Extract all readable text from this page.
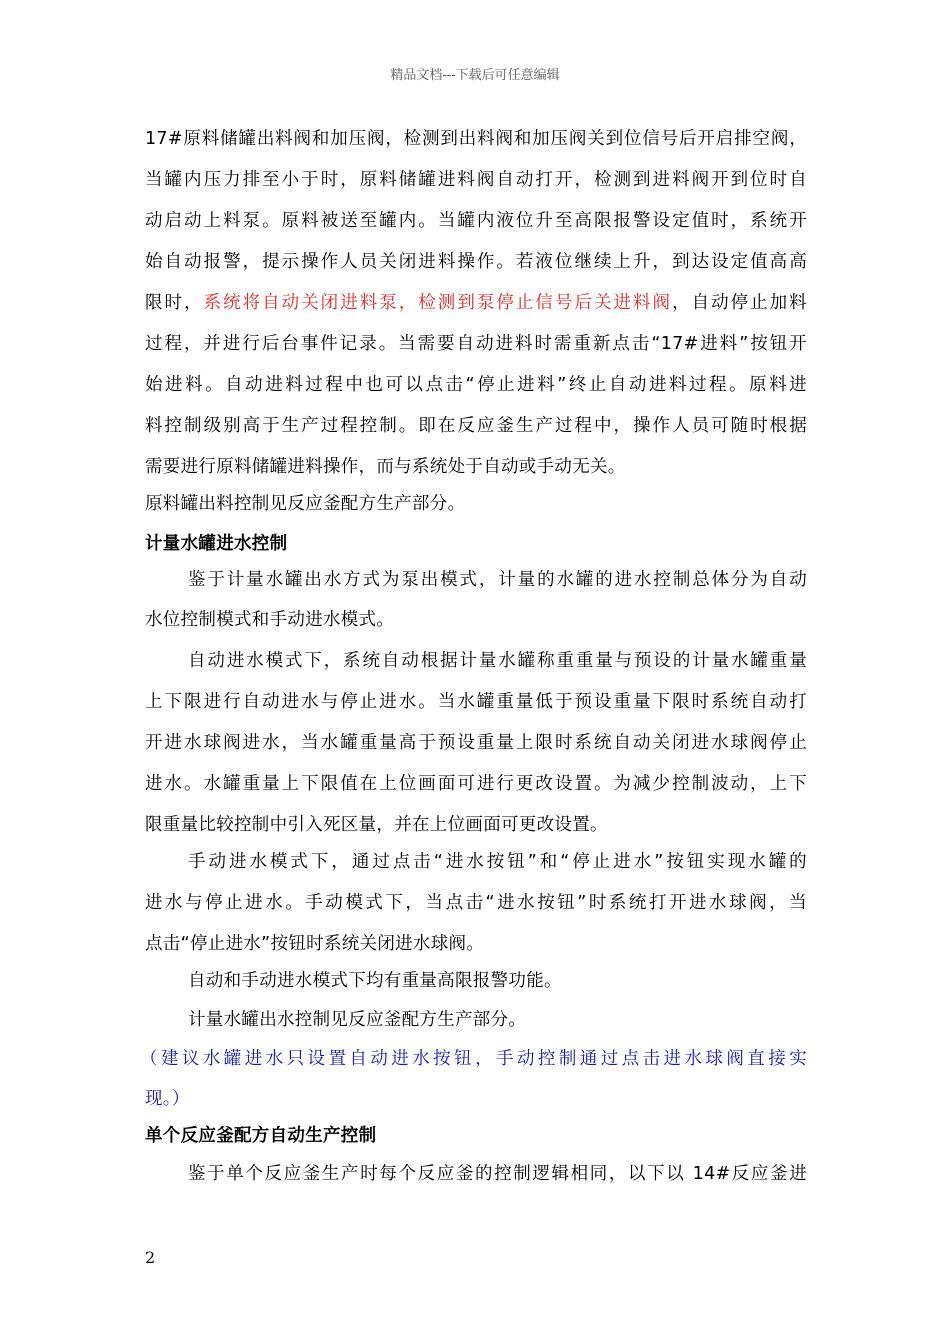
精品文档---下载后可任意编辑
17#原料储罐出料阀和加压阀，检测到出料阀和加压阀关到位信号后开启排空阀，
当罐内压力排至小于时，原料储罐进料阀自动打开，检测到进料阀开到位时自
动启动上料泵。原料被送至罐内。当罐内液位升至高限报警设定值时，系统开
始自动报警，提示操作人员关闭进料操作。若液位继续上升，到达设定值高高
限时，系统将自动关闭进料泵，检测到泵停止信号后关进料阀，自动停止加料
过程，并进行后台事件记录。当需要自动进料时需重新点击“17#进料”按钮开
始进料。自动进料过程中也可以点击“停止进料”终止自动进料过程。原料进
料控制级别高于生产过程控制。即在反应釜生产过程中，操作人员可随时根据
需要进行原料储罐进料操作，而与系统处于自动或手动无关。
原料罐出料控制见反应釜配方生产部分。
计量水罐进水控制
鉴于计量水罐出水方式为泵出模式，计量的水罐的进水控制总体分为自动
水位控制模式和手动进水模式。
自动进水模式下，系统自动根据计量水罐称重重量与预设的计量水罐重量
上下限进行自动进水与停止进水。当水罐重量低于预设重量下限时系统自动打
开进水球阀进水，当水罐重量高于预设重量上限时系统自动关闭进水球阀停止
进水。水罐重量上下限值在上位画面可进行更改设置。为减少控制波动，上下
限重量比较控制中引入死区量，并在上位画面可更改设置。
手动进水模式下，通过点击“进水按钮”和“停止进水”按钮实现水罐的
进水与停止进水。手动模式下，当点击“进水按钮”时系统打开进水球阀，当
点击“停止进水”按钮时系统关闭进水球阀。
自动和手动进水模式下均有重量高限报警功能。
计量水罐出水控制见反应釜配方生产部分。
（建议水罐进水只设置自动进水按钮，手动控制通过点击进水球阀直接实
现。）
单个反应釜配方自动生产控制
鉴于单个反应釜生产时每个反应釜的控制逻辑相同，以下以 14#反应釜进
2
